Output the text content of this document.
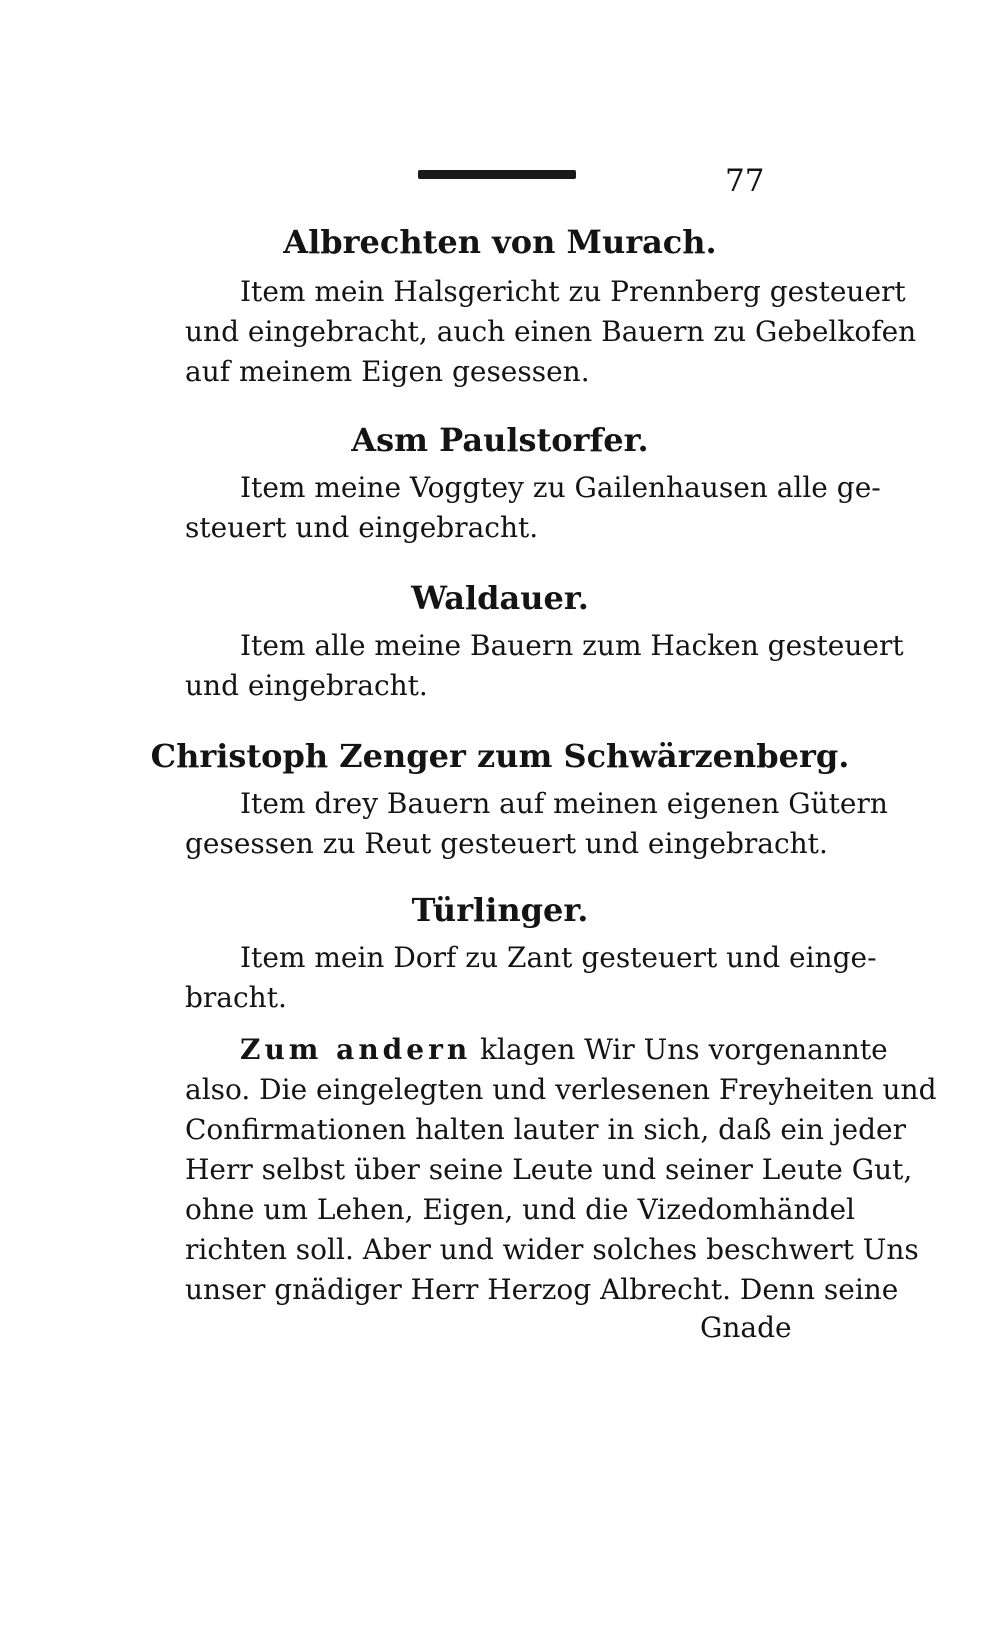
77
Albrechten von Murach.
Item mein Halsgericht zu Prennberg gesteuert
und eingebracht, auch einen Bauern zu Gebelkofen
auf meinem Eigen gesessen.
Asm Paulstorfer.
Item meine Voggtey zu Gailenhausen alle ge-
steuert und eingebracht.
Waldauer.
Item alle meine Bauern zum Hacken gesteuert
und eingebracht.
Christoph Zenger zum Schwärzenberg.
Item drey Bauern auf meinen eigenen Gütern
gesessen zu Reut gesteuert und eingebracht.
Türlinger.
Item mein Dorf zu Zant gesteuert und einge-
bracht.
Zum andern klagen Wir Uns vorgenannte
also. Die eingelegten und verlesenen Freyheiten und
Confirmationen halten lauter in sich, daß ein jeder
Herr selbst über seine Leute und seiner Leute Gut,
ohne um Lehen, Eigen, und die Vizedomhändel
richten soll. Aber und wider solches beschwert Uns
unser gnädiger Herr Herzog Albrecht. Denn seine
Gnade
